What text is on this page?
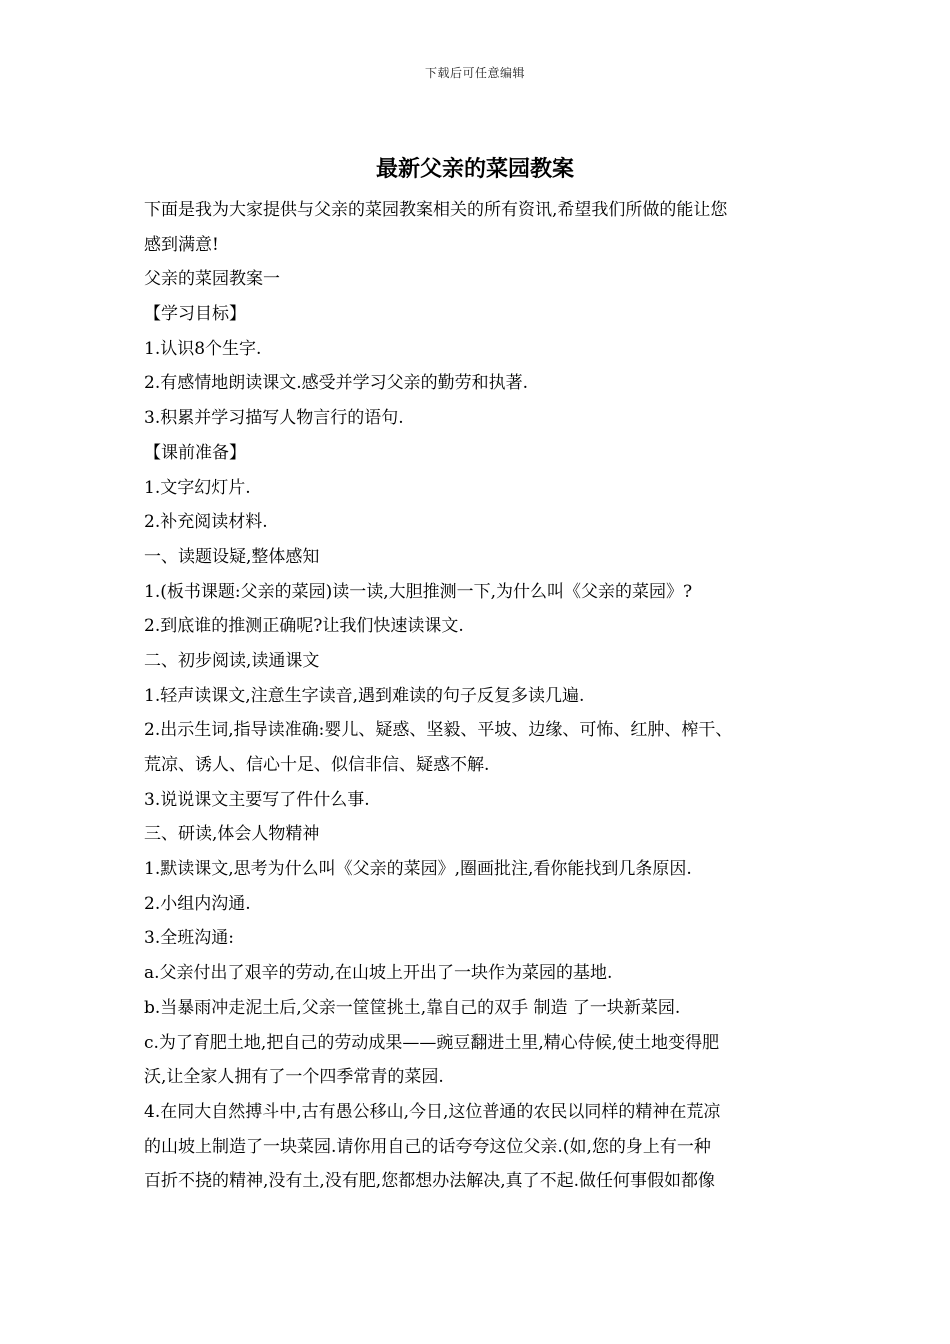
下载后可任意编辑
最新父亲的菜园教案
下面是我为大家提供与父亲的菜园教案相关的所有资讯,希望我们所做的能让您
感到满意!
父亲的菜园教案一
【学习目标】
1.认识8个生字.
2.有感情地朗读课文.感受并学习父亲的勤劳和执著.
3.积累并学习描写人物言行的语句.
【课前准备】
1.文字幻灯片.
2.补充阅读材料.
一、读题设疑,整体感知
1.(板书课题:父亲的菜园)读一读,大胆推测一下,为什么叫《父亲的菜园》?
2.到底谁的推测正确呢?让我们快速读课文.
二、初步阅读,读通课文
1.轻声读课文,注意生字读音,遇到难读的句子反复多读几遍.
2.出示生词,指导读准确:婴儿、疑惑、坚毅、平坡、边缘、可怖、红肿、榨干、
荒凉、诱人、信心十足、似信非信、疑惑不解.
3.说说课文主要写了件什么事.
三、研读,体会人物精神
1.默读课文,思考为什么叫《父亲的菜园》,圈画批注,看你能找到几条原因.
2.小组内沟通.
3.全班沟通:
a.父亲付出了艰辛的劳动,在山坡上开出了一块作为菜园的基地.
b.当暴雨冲走泥土后,父亲一筐筐挑土,靠自己的双手 制造 了一块新菜园.
c.为了育肥土地,把自己的劳动成果——豌豆翻进土里,精心侍候,使土地变得肥
沃,让全家人拥有了一个四季常青的菜园.
4.在同大自然搏斗中,古有愚公移山,今日,这位普通的农民以同样的精神在荒凉
的山坡上制造了一块菜园.请你用自己的话夸夸这位父亲.(如,您的身上有一种
百折不挠的精神,没有土,没有肥,您都想办法解决,真了不起.做任何事假如都像
